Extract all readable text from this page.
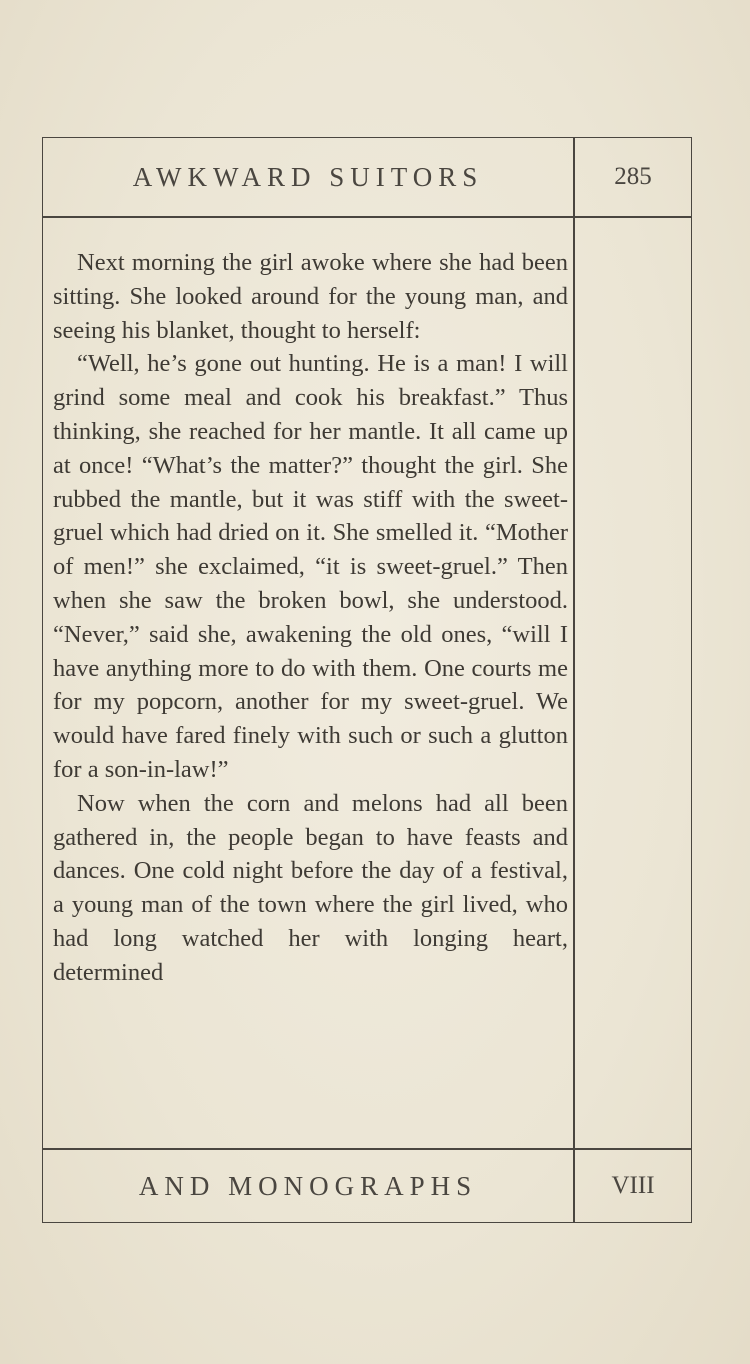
AWKWARD SUITORS	285

Next morning the girl awoke where she had been sitting. She looked around for the young man, and seeing his blanket, thought to herself:

“Well, he’s gone out hunting. He is a man! I will grind some meal and cook his breakfast.” Thus thinking, she reached for her mantle. It all came up at once! “What’s the matter?” thought the girl. She rubbed the mantle, but it was stiff with the sweet-gruel which had dried on it. She smelled it. “Mother of men!” she exclaimed, “it is sweet-gruel.” Then when she saw the broken bowl, she understood. “Never,” said she, awakening the old ones, “will I have anything more to do with them. One courts me for my popcorn, another for my sweet-gruel. We would have fared finely with such or such a glutton for a son-in-law!”

Now when the corn and melons had all been gathered in, the people began to have feasts and dances. One cold night before the day of a festival, a young man of the town where the girl lived, who had long watched her with longing heart, determined

AND MONOGRAPHS	VIII
